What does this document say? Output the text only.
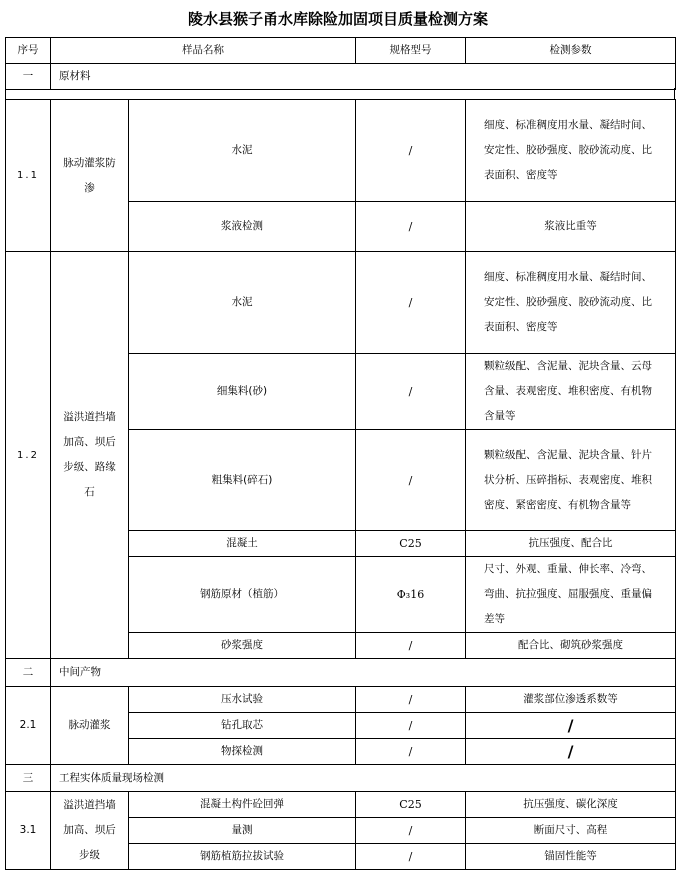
陵水县猴子甬水库除险加固项目质量检测方案
序号	样品名称	规格型号	检测参数
一	原材料		
1.1	脉动灌浆防渗	水泥	/	细度、标准稠度用水量、凝结时间、安定性、胶砂强度、胶砂流动度、比表面积、密度等
		浆液检测	/	浆液比重等
1.2	溢洪道挡墙加高、坝后步级、路缘石	水泥	/	细度、标准稠度用水量、凝结时间、安定性、胶砂强度、胶砂流动度、比表面积、密度等
		细集料(砂)	/	颗粒级配、含泥量、泥块含量、云母含量、表观密度、堆积密度、有机物含量等
		粗集料(碎石)	/	颗粒级配、含泥量、泥块含量、针片状分析、压碎指标、表观密度、堆积密度、紧密密度、有机物含量等
		混凝土	C25	抗压强度、配合比
		钢筋原材（植筋）	Φ₃16	尺寸、外观、重量、伸长率、冷弯、弯曲、抗拉强度、屈服强度、重量偏差等
		砂浆强度	/	配合比、砌筑砂浆强度
二	中间产物			
2.1	脉动灌浆	压水试验	/	灌浆部位渗透系数等
		钻孔取芯	/	/
		物探检测	/	/
三	工程实体质量现场检测			
3.1	溢洪道挡墙加高、坝后步级	混凝土构件砼回弹	C25	抗压强度、碳化深度
		量测	/	断面尺寸、高程
		钢筋植筋拉拔试验	/	锚固性能等
